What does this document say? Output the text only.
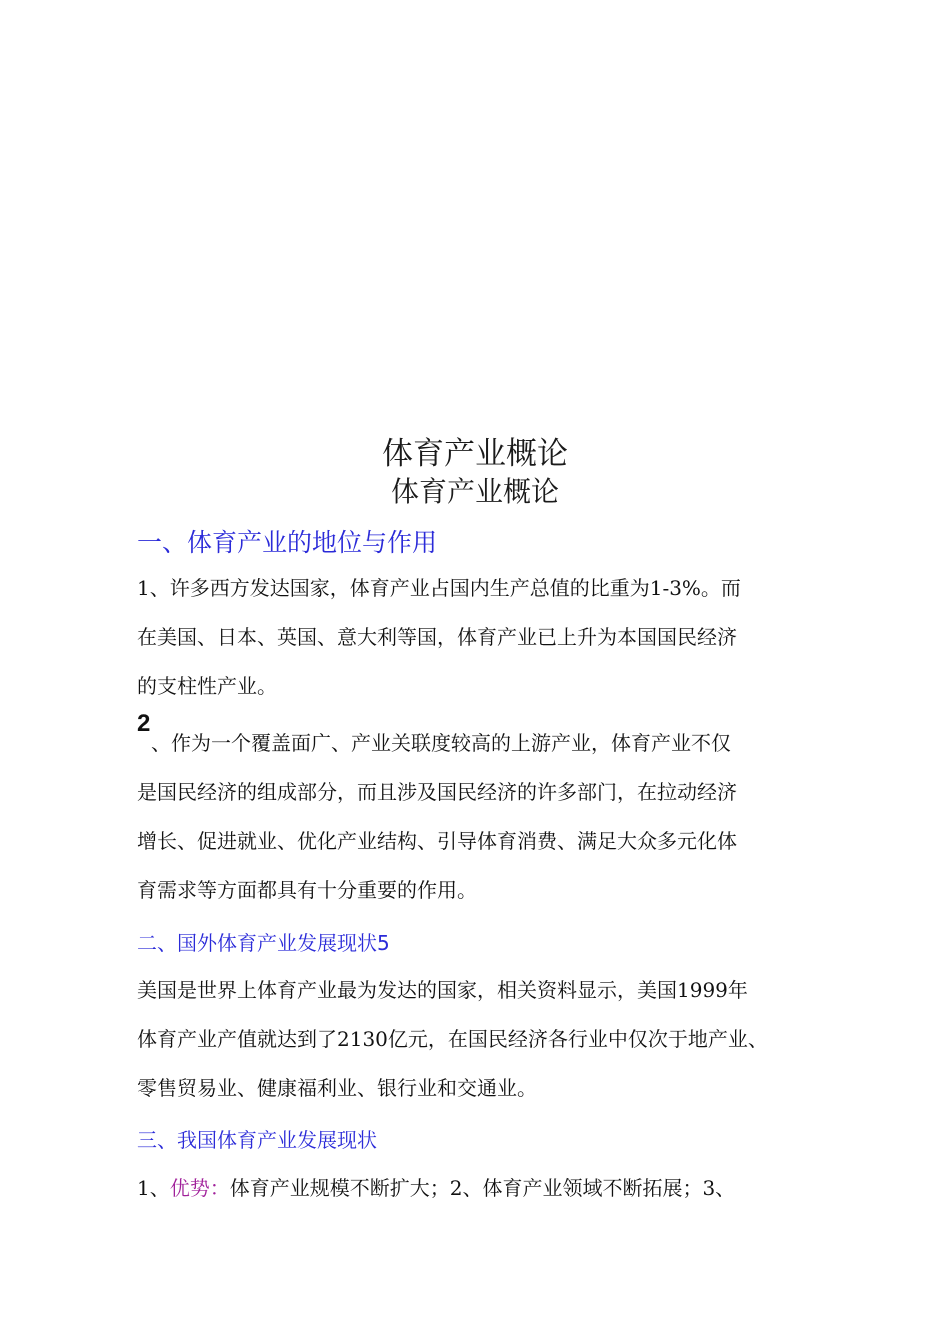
体育产业概论
体育产业概论
一、体育产业的地位与作用
1、许多西方发达国家，体育产业占国内生产总值的比重为1-3%。而
在美国、日本、英国、意大利等国，体育产业已上升为本国国民经济
的支柱性产业。
2
、作为一个覆盖面广、产业关联度较高的上游产业，体育产业不仅
是国民经济的组成部分，而且涉及国民经济的许多部门，在拉动经济
增长、促进就业、优化产业结构、引导体育消费、满足大众多元化体
育需求等方面都具有十分重要的作用。
二、国外体育产业发展现状5
美国是世界上体育产业最为发达的国家，相关资料显示，美国1999年
体育产业产值就达到了2130亿元，在国民经济各行业中仅次于地产业、
零售贸易业、健康福利业、银行业和交通业。
三、我国体育产业发展现状
1、优势：体育产业规模不断扩大；2、体育产业领域不断拓展；3、
